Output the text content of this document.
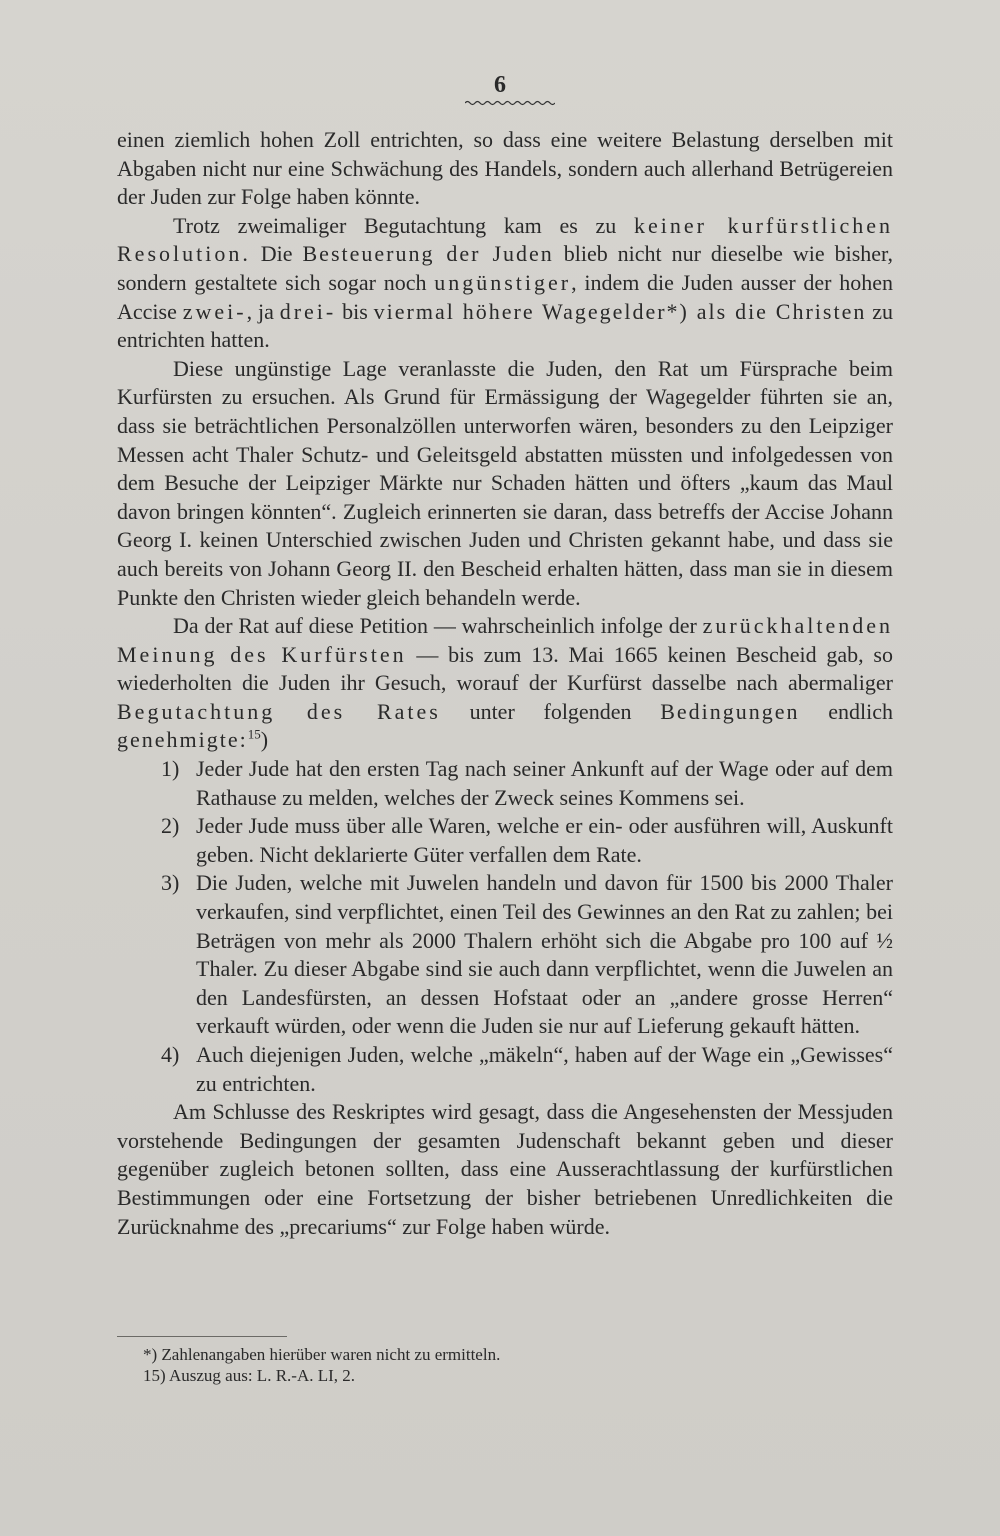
6

einen ziemlich hohen Zoll entrichten, so dass eine weitere Belastung derselben mit Abgaben nicht nur eine Schwächung des Handels, sondern auch allerhand Betrügereien der Juden zur Folge haben könnte.

Trotz zweimaliger Begutachtung kam es zu keiner kurfürstlichen Resolution. Die Besteuerung der Juden blieb nicht nur dieselbe wie bisher, sondern gestaltete sich sogar noch ungünstiger, indem die Juden ausser der hohen Accise zwei-, ja drei- bis viermal höhere Wagegelder*) als die Christen zu entrichten hatten.

Diese ungünstige Lage veranlasste die Juden, den Rat um Fürsprache beim Kurfürsten zu ersuchen. Als Grund für Ermässigung der Wagegelder führten sie an, dass sie beträchtlichen Personalzöllen unterworfen wären, besonders zu den Leipziger Messen acht Thaler Schutz- und Geleitsgeld abstatten müssten und infolgedessen von dem Besuche der Leipziger Märkte nur Schaden hätten und öfters „kaum das Maul davon bringen könnten“. Zugleich erinnerten sie daran, dass betreffs der Accise Johann Georg I. keinen Unterschied zwischen Juden und Christen gekannt habe, und dass sie auch bereits von Johann Georg II. den Bescheid erhalten hätten, dass man sie in diesem Punkte den Christen wieder gleich behandeln werde.

Da der Rat auf diese Petition — wahrscheinlich infolge der zurückhaltenden Meinung des Kurfürsten — bis zum 13. Mai 1665 keinen Bescheid gab, so wiederholten die Juden ihr Gesuch, worauf der Kurfürst dasselbe nach abermaliger Begutachtung des Rates unter folgenden Bedingungen endlich genehmigte:$^{15}$)

1) Jeder Jude hat den ersten Tag nach seiner Ankunft auf der Wage oder auf dem Rathause zu melden, welches der Zweck seines Kommens sei.
2) Jeder Jude muss über alle Waren, welche er ein- oder ausführen will, Auskunft geben. Nicht deklarierte Güter verfallen dem Rate.
3) Die Juden, welche mit Juwelen handeln und davon für 1500 bis 2000 Thaler verkaufen, sind verpflichtet, einen Teil des Gewinnes an den Rat zu zahlen; bei Beträgen von mehr als 2000 Thalern erhöht sich die Abgabe pro 100 auf ½ Thaler. Zu dieser Abgabe sind sie auch dann verpflichtet, wenn die Juwelen an den Landesfürsten, an dessen Hofstaat oder an „andere grosse Herren“ verkauft würden, oder wenn die Juden sie nur auf Lieferung gekauft hätten.
4) Auch diejenigen Juden, welche „mäkeln“, haben auf der Wage ein „Gewisses“ zu entrichten.

Am Schlusse des Reskriptes wird gesagt, dass die Angesehensten der Messjuden vorstehende Bedingungen der gesamten Judenschaft bekannt geben und dieser gegenüber zugleich betonen sollten, dass eine Ausserachtlassung der kurfürstlichen Bestimmungen oder eine Fortsetzung der bisher betriebenen Unredlichkeiten die Zurücknahme des „precariums“ zur Folge haben würde.

*) Zahlenangaben hierüber waren nicht zu ermitteln.
15) Auszug aus: L. R.-A. LI, 2.
